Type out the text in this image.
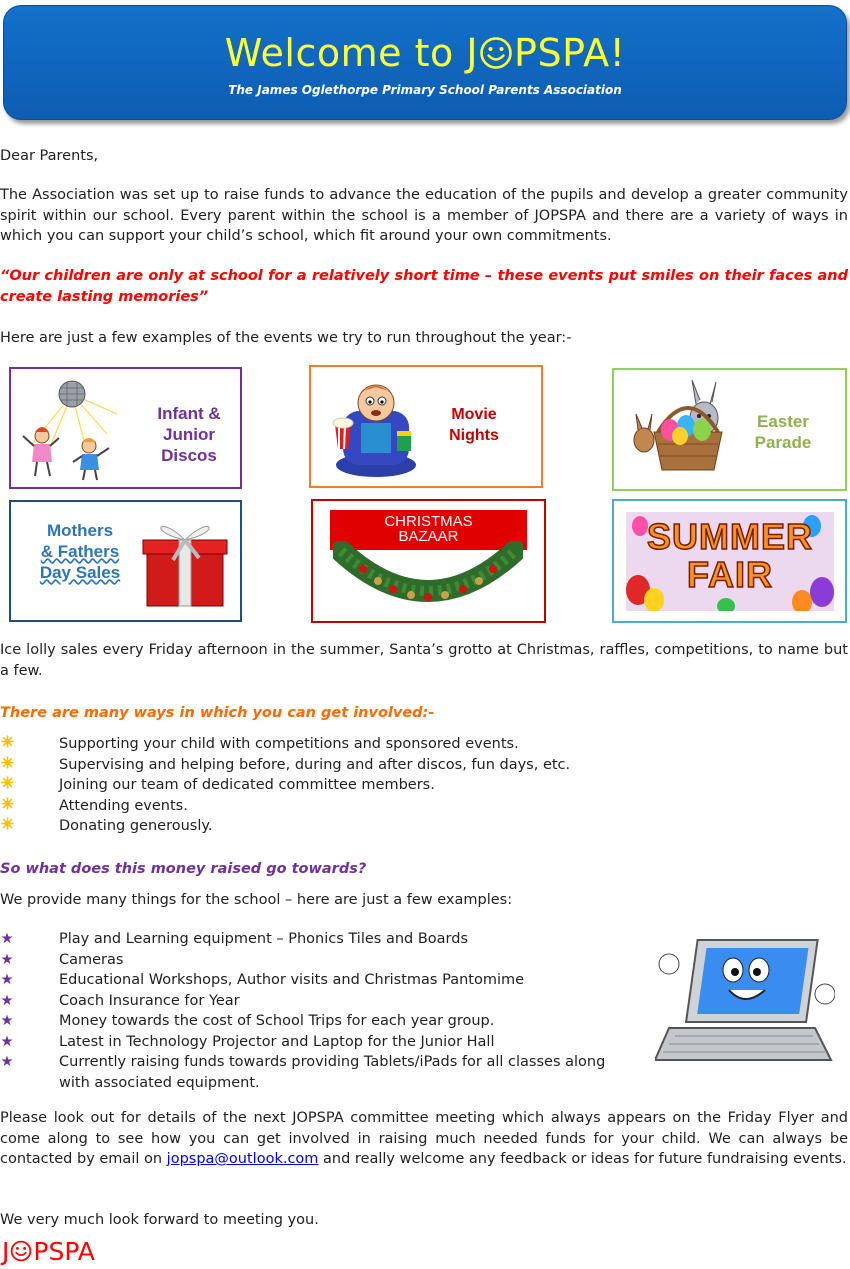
Welcome to J PSPA!
The James Oglethorpe Primary School Parents Association

Dear Parents,

The Association was set up to raise funds to advance the education of the pupils and develop a greater community spirit within our school. Every parent within the school is a member of JOPSPA and there are a variety of ways in which you can support your child’s school, which fit around your own commitments.

“Our children are only at school for a relatively short time – these events put smiles on their faces and create lasting memories”

Here are just a few examples of the events we try to run throughout the year:-

Infant & Junior Discos
Movie Nights
Easter Parade
Mothers
& Fathers
Day Sales
CHRISTMAS
BAZAAR	SUMMER
FAIR

Ice lolly sales every Friday afternoon in the summer, Santa’s grotto at Christmas, raffles, competitions, to name but a few.

There are many ways in which you can get involved:-

Supporting your child with competitions and sponsored events.
Supervising and helping before, during and after discos, fun days, etc.
Joining our team of dedicated committee members.
Attending events.
Donating generously.

So what does this money raised go towards?

We provide many things for the school – here are just a few examples:

★	Play and Learning equipment – Phonics Tiles and Boards
★	Cameras
★	Educational Workshops, Author visits and Christmas Pantomime
★	Coach Insurance for Year
★	Money towards the cost of School Trips for each year group.
★	Latest in Technology Projector and Laptop for the Junior Hall
★	Currently raising funds towards providing Tablets/iPads for all classes along with associated equipment.

Please look out for details of the next JOPSPA committee meeting which always appears on the Friday Flyer and come along to see how you can get involved in raising much needed funds for your child. We can always be contacted by email on jopspa@outlook.com and really welcome any feedback or ideas for future fundraising events.

We very much look forward to meeting you.

J PSPA
